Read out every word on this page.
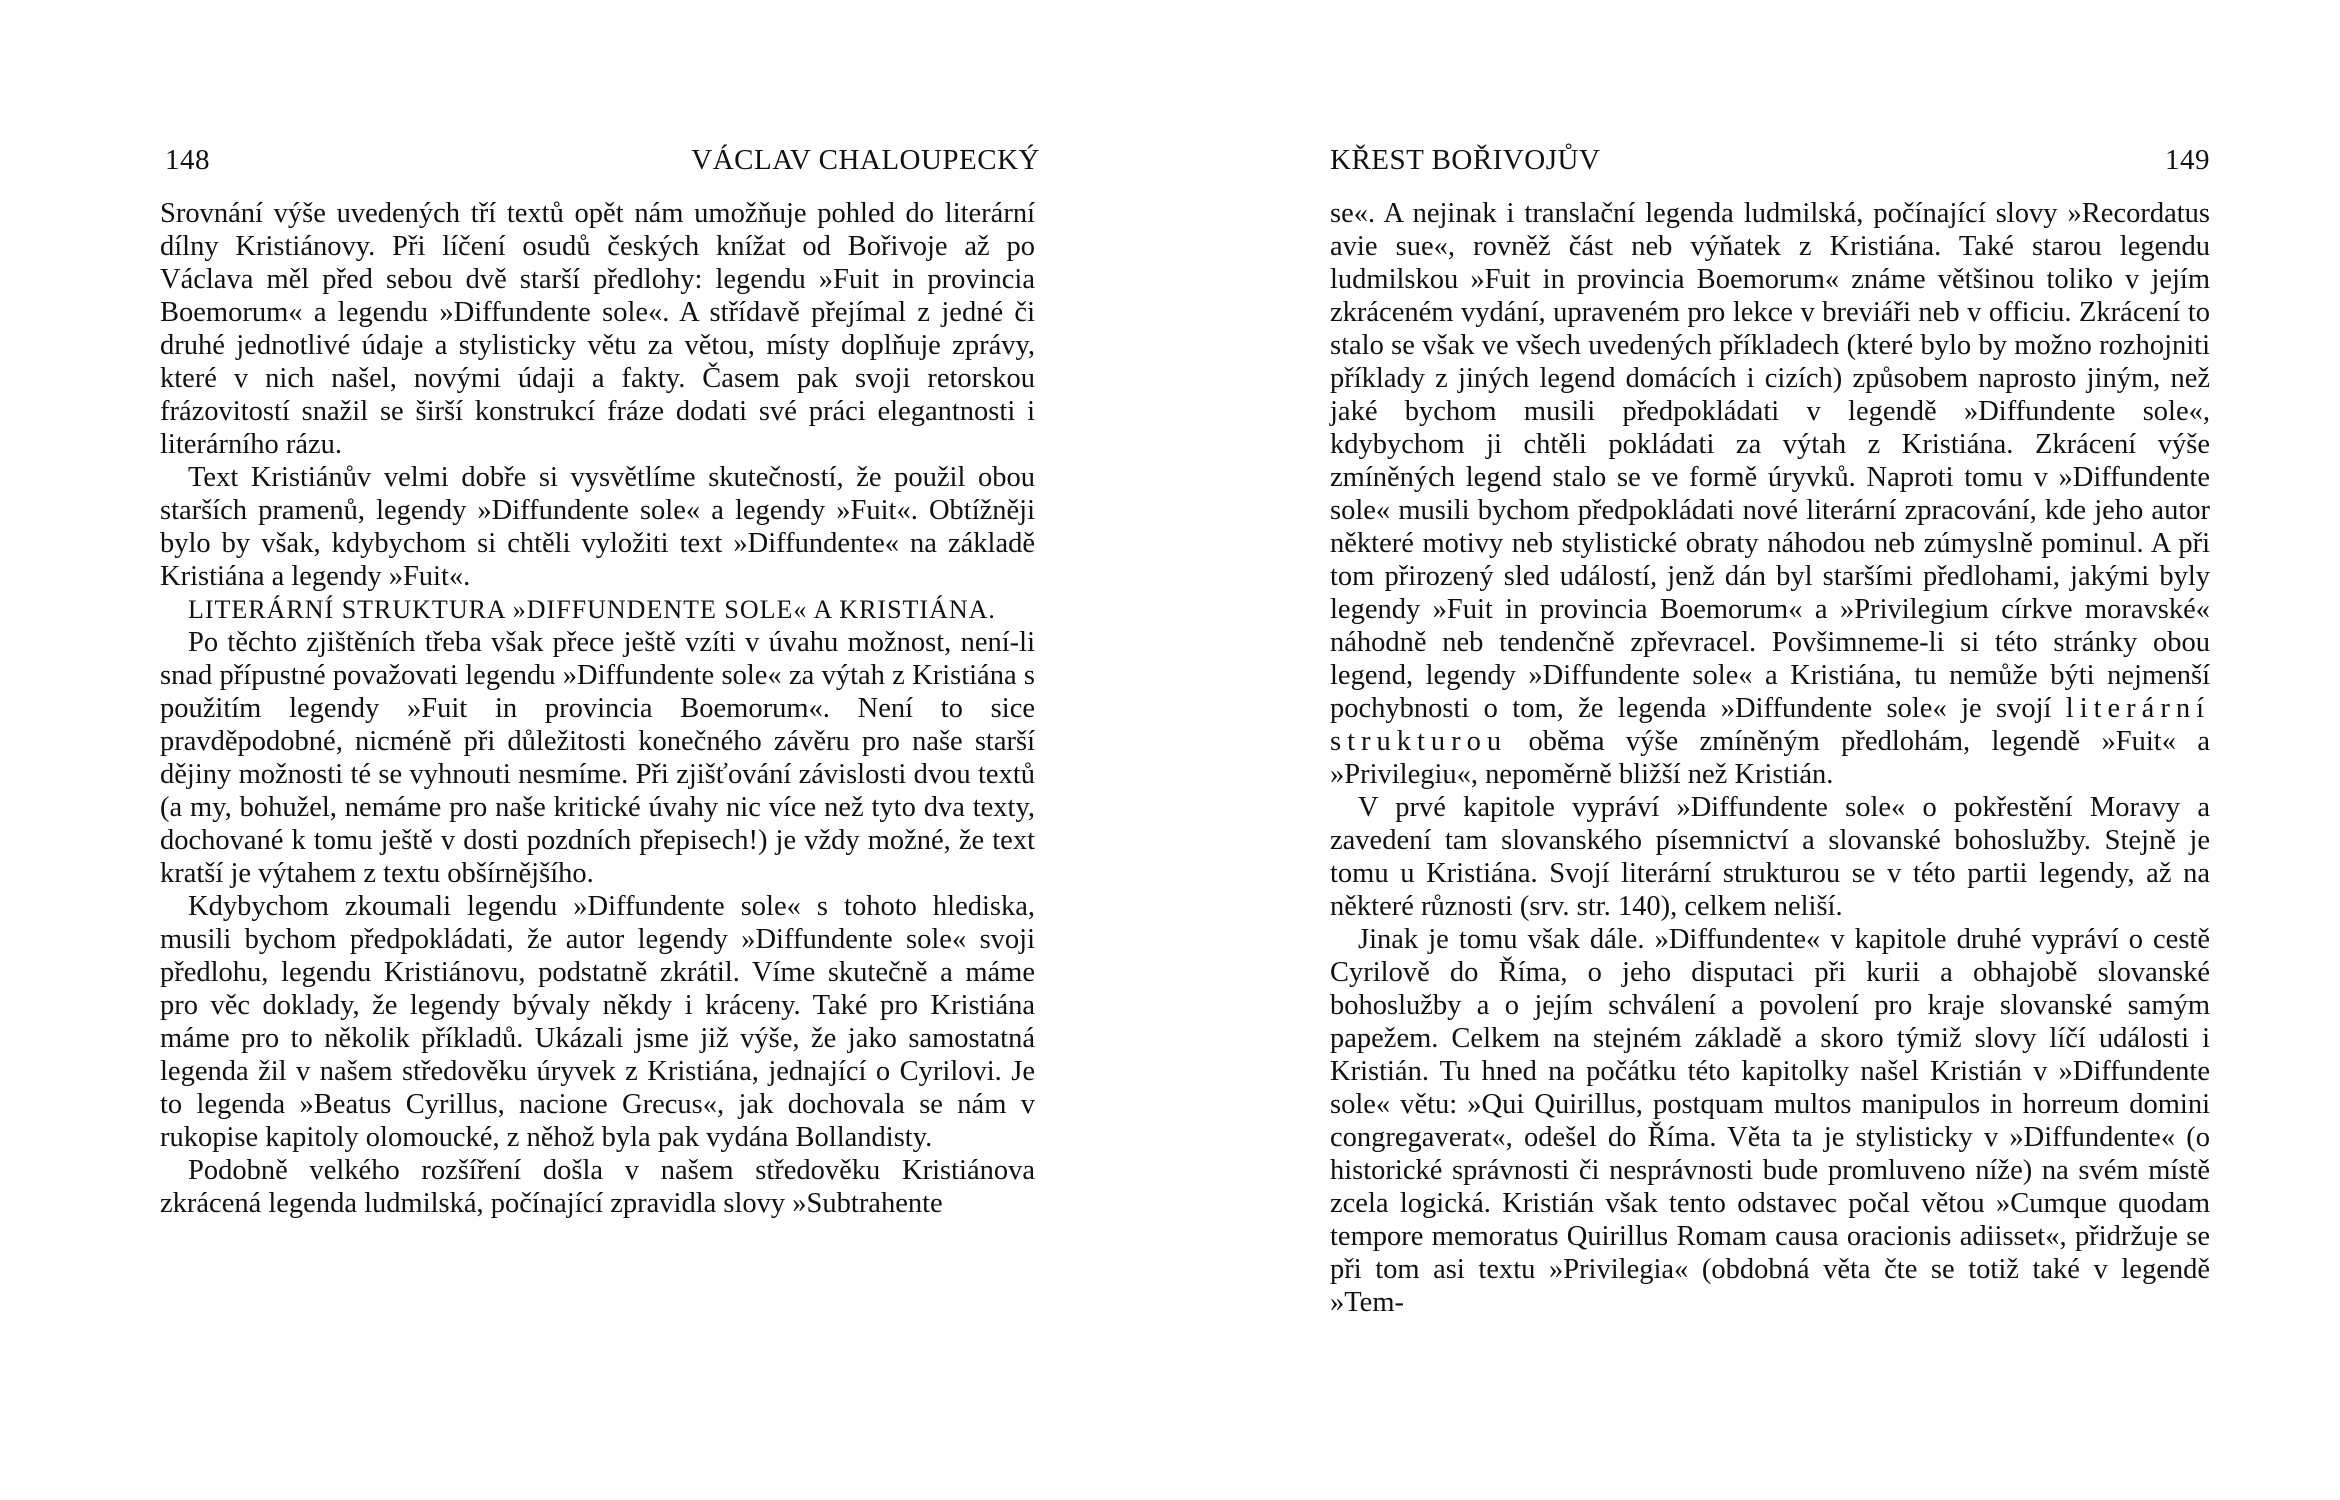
148	VÁCLAV CHALOUPECKÝ

Srovnání výše uvedených tří textů opět nám umožňuje pohled do literární dílny Kristiánovy. Při líčení osudů českých knížat od Bořivoje až po Václava měl před sebou dvě starší předlohy: legendu »Fuit in provincia Boemorum« a legendu »Diffundente sole«. A střídavě přejímal z jedné či druhé jednotlivé údaje a stylisticky větu za větou, místy doplňuje zprávy, které v nich našel, novými údaji a fakty. Časem pak svoji retorskou frázovitostí snažil se širší konstrukcí fráze dodati své práci elegantnosti i literárního rázu.

Text Kristiánův velmi dobře si vysvětlíme skutečností, že použil obou starších pramenů, legendy »Diffundente sole« a legendy »Fuit«. Obtížněji bylo by však, kdybychom si chtěli vyložiti text »Diffundente« na základě Kristiána a legendy »Fuit«.

LITERÁRNÍ STRUKTURA »DIFFUNDENTE SOLE« A KRISTIÁNA.

Po těchto zjištěních třeba však přece ještě vzíti v úvahu možnost, není-li snad přípustné považovati legendu »Diffundente sole« za výtah z Kristiána s použitím legendy »Fuit in provincia Boemorum«. Není to sice pravděpodobné, nicméně při důležitosti konečného závěru pro naše starší dějiny možnosti té se vyhnouti nesmíme. Při zjišťování závislosti dvou textů (a my, bohužel, nemáme pro naše kritické úvahy nic více než tyto dva texty, dochované k tomu ještě v dosti pozdních přepisech!) je vždy možné, že text kratší je výtahem z textu obšírnějšího.

Kdybychom zkoumali legendu »Diffundente sole« s tohoto hlediska, musili bychom předpokládati, že autor legendy »Diffundente sole« svoji předlohu, legendu Kristiánovu, podstatně zkrátil. Víme skutečně a máme pro věc doklady, že legendy bývaly někdy i kráceny. Také pro Kristiána máme pro to několik příkladů. Ukázali jsme již výše, že jako samostatná legenda žil v našem středověku úryvek z Kristiána, jednající o Cyrilovi. Je to legenda »Beatus Cyrillus, nacione Grecus«, jak dochovala se nám v rukopise kapitoly olomoucké, z něhož byla pak vydána Bollandisty.

Podobně velkého rozšíření došla v našem středověku Kristiánova zkrácená legenda ludmilská, počínající zpravidla slovy »Subtrahente

KŘEST BOŘIVOJŮV	149

se«. A nejinak i translační legenda ludmilská, počínající slovy »Recordatus avie sue«, rovněž část neb výňatek z Kristiána. Také starou legendu ludmilskou »Fuit in provincia Boemorum« známe většinou toliko v jejím zkráceném vydání, upraveném pro lekce v breviáři neb v officiu. Zkrácení to stalo se však ve všech uvedených příkladech (které bylo by možno rozhojniti příklady z jiných legend domácích i cizích) způsobem naprosto jiným, než jaké bychom musili předpokládati v legendě »Diffundente sole«, kdybychom ji chtěli pokládati za výtah z Kristiána. Zkrácení výše zmíněných legend stalo se ve formě úryvků. Naproti tomu v »Diffundente sole« musili bychom předpokládati nové literární zpracování, kde jeho autor některé motivy neb stylistické obraty náhodou neb zúmyslně pominul. A při tom přirozený sled událostí, jenž dán byl staršími předlohami, jakými byly legendy »Fuit in provincia Boemorum« a »Privilegium církve moravské« náhodně neb tendenčně zpřevracel. Povšimneme-li si této stránky obou legend, legendy »Diffundente sole« a Kristiána, tu nemůže býti nejmenší pochybnosti o tom, že legenda »Diffundente sole« je svojí literární strukturou oběma výše zmíněným předlohám, legendě »Fuit« a »Privilegiu«, nepoměrně bližší než Kristián.

V prvé kapitole vypráví »Diffundente sole« o pokřestění Moravy a zavedení tam slovanského písemnictví a slovanské bohoslužby. Stejně je tomu u Kristiána. Svojí literární strukturou se v této partii legendy, až na některé různosti (srv. str. 140), celkem neliší.

Jinak je tomu však dále. »Diffundente« v kapitole druhé vypráví o cestě Cyrilově do Říma, o jeho disputaci při kurii a obhajobě slovanské bohoslužby a o jejím schválení a povolení pro kraje slovanské samým papežem. Celkem na stejném základě a skoro týmiž slovy líčí události i Kristián. Tu hned na počátku této kapitolky našel Kristián v »Diffundente sole« větu: »Qui Quirillus, postquam multos manipulos in horreum domini congregaverat«, odešel do Říma. Věta ta je stylisticky v »Diffundente« (o historické správnosti či nesprávnosti bude promluveno níže) na svém místě zcela logická. Kristián však tento odstavec počal větou »Cumque quodam tempore memoratus Quirillus Romam causa oracionis adiisset«, přidržuje se při tom asi textu »Privilegia« (obdobná věta čte se totiž také v legendě »Tem-
